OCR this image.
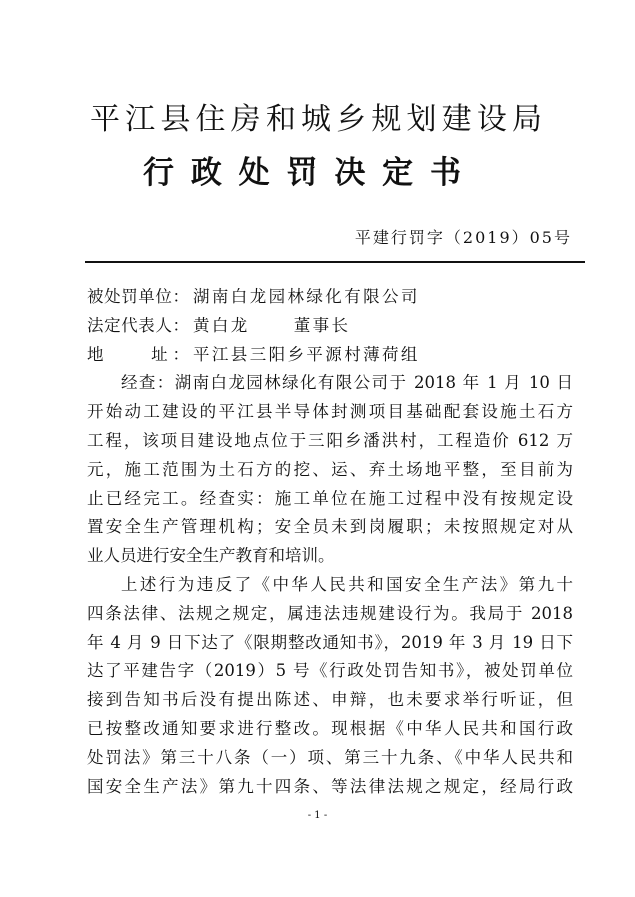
平江县住房和城乡规划建设局
行政处罚决定书
平建行罚字（2019）05号
被处罚单位： 湖南白龙园林绿化有限公司
法定代表人： 黄白龙	董事长
地　　址： 平江县三阳乡平源村薄荷组
经查：湖南白龙园林绿化有限公司于 2018 年 1 月 10 日
开始动工建设的平江县半导体封测项目基础配套设施土石方
工程，该项目建设地点位于三阳乡潘洪村，工程造价 612 万
元，施工范围为土石方的挖、运、弃土场地平整，至目前为
止已经完工。经查实：施工单位在施工过程中没有按规定设
置安全生产管理机构；安全员未到岗履职；未按照规定对从
业人员进行安全生产教育和培训。
上述行为违反了《中华人民共和国安全生产法》第九十
四条法律、法规之规定，属违法违规建设行为。我局于 2018
年 4 月 9 日下达了《限期整改通知书》，2019 年 3 月 19 日下
达了平建告字（2019）5 号《行政处罚告知书》，被处罚单位
接到告知书后没有提出陈述、申辩，也未要求举行听证，但
已按整改通知要求进行整改。现根据《中华人民共和国行政
处罚法》第三十八条（一）项、第三十九条、《中华人民共和
国安全生产法》第九十四条、等法律法规之规定，经局行政
- 1 -
